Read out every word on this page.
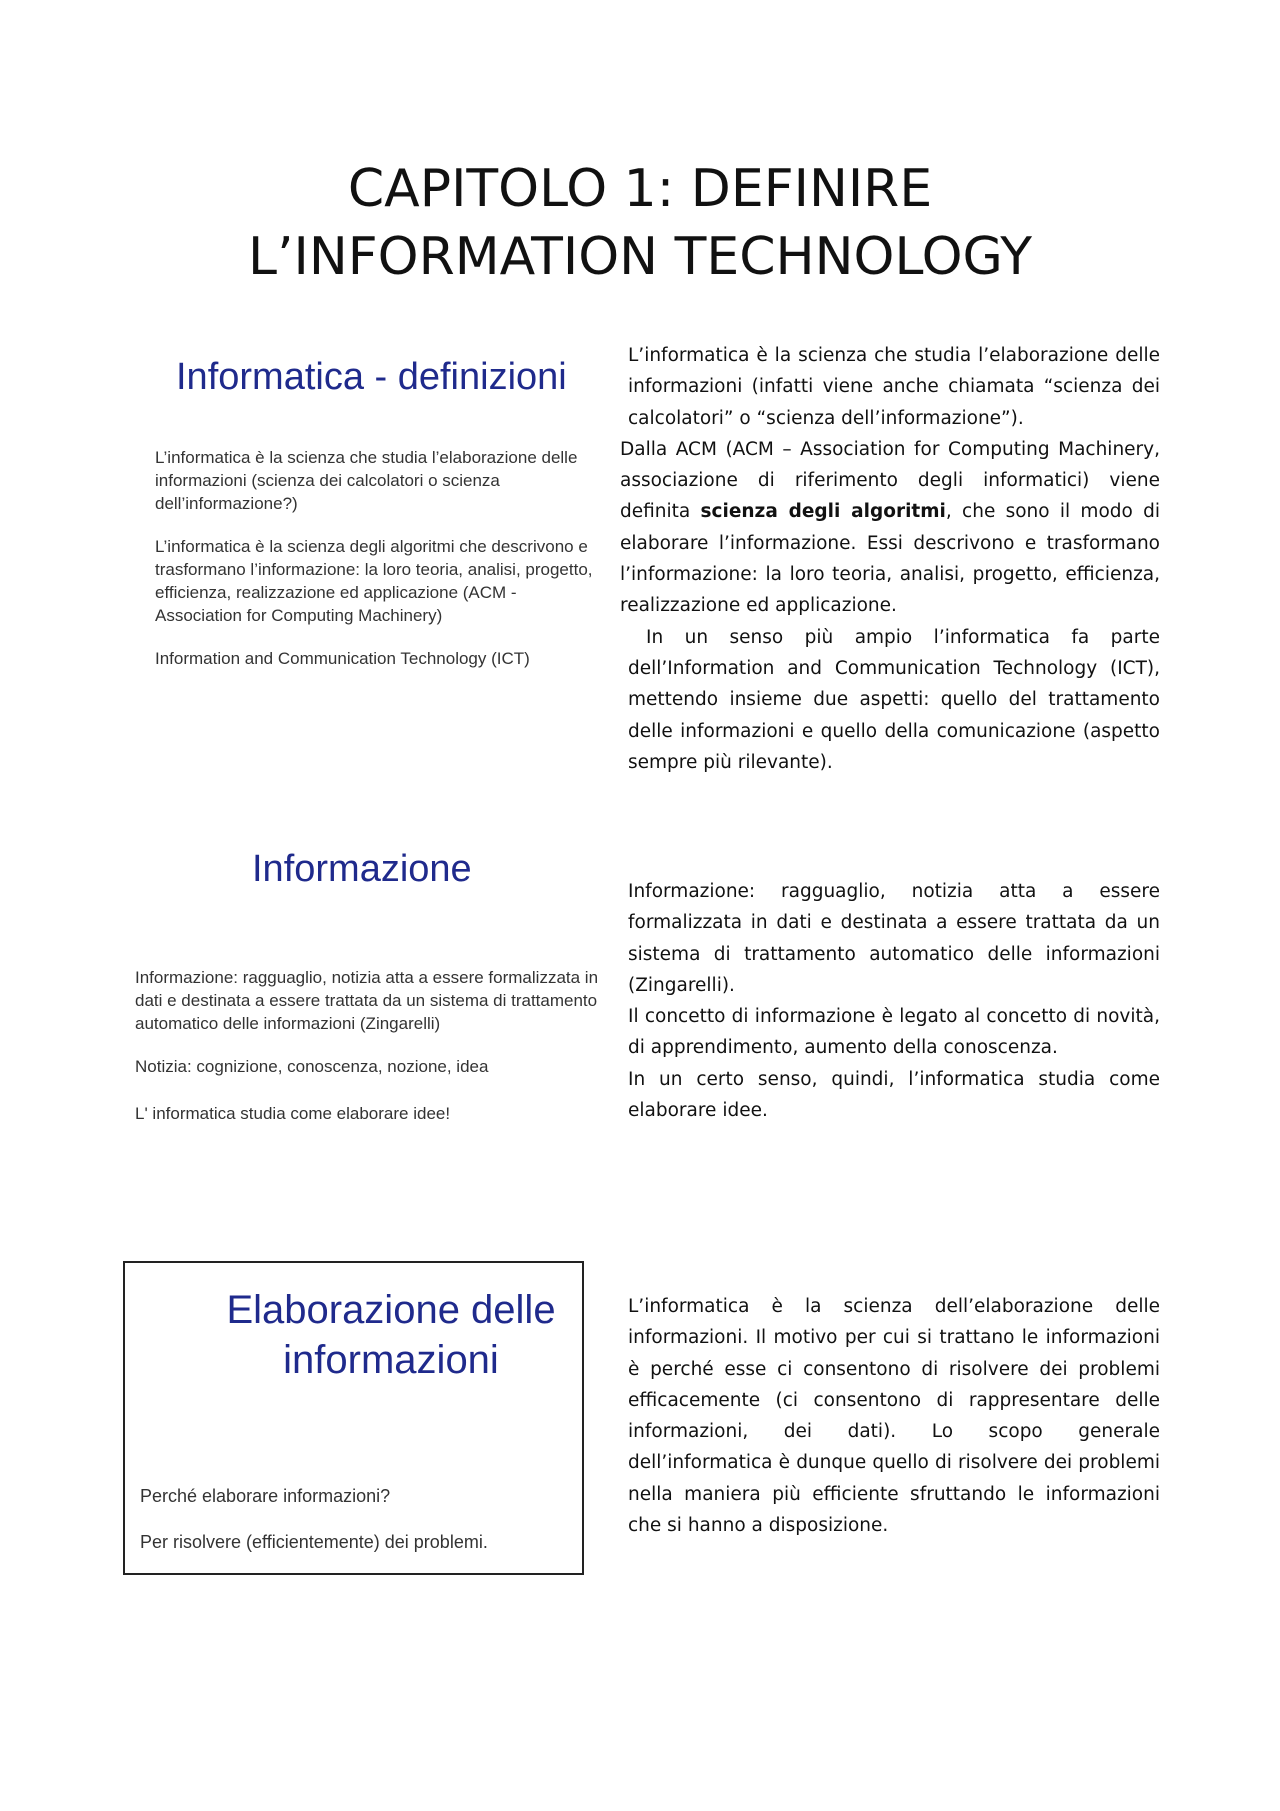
CAPITOLO 1: DEFINIRE
L’INFORMATION TECHNOLOGY
Informatica - definizioni

L’informatica è la scienza che studia l’elaborazione delle informazioni (scienza dei calcolatori o scienza dell’informazione?)

L’informatica è la scienza degli algoritmi che descrivono e trasformano l’informazione: la loro teoria, analisi, progetto, efficienza, realizzazione ed applicazione (ACM - Association for Computing Machinery)

Information and Communication Technology (ICT)

L’informatica è la scienza che studia l’elaborazione delle informazioni (infatti viene anche chiamata “scienza dei calcolatori” o “scienza dell’informazione”).

Dalla ACM (ACM – Association for Computing Machinery, associazione di riferimento degli informatici) viene definita scienza degli algoritmi, che sono il modo di elaborare l’informazione. Essi descrivono e trasformano l’informazione: la loro teoria, analisi, progetto, efficienza, realizzazione ed applicazione.

In un senso più ampio l’informatica fa parte dell’Information and Communication Technology (ICT), mettendo insieme due aspetti: quello del trattamento delle informazioni e quello della comunicazione (aspetto sempre più rilevante).

Informazione

Informazione: ragguaglio, notizia atta a essere formalizzata in dati e destinata a essere trattata da un sistema di trattamento automatico delle informazioni (Zingarelli)

Notizia: cognizione, conoscenza, nozione, idea

L' informatica studia come elaborare idee!

Informazione: ragguaglio, notizia atta a essere formalizzata in dati e destinata a essere trattata da un sistema di trattamento automatico delle informazioni (Zingarelli).

Il concetto di informazione è legato al concetto di novità, di apprendimento, aumento della conoscenza.

In un certo senso, quindi, l’informatica studia come elaborare idee.

Elaborazione delle
informazioni

Perché elaborare informazioni?

Per risolvere (efficientemente) dei problemi.

L’informatica è la scienza dell’elaborazione delle informazioni. Il motivo per cui si trattano le informazioni è perché esse ci consentono di risolvere dei problemi efficacemente (ci consentono di rappresentare delle informazioni, dei dati). Lo scopo generale dell’informatica è dunque quello di risolvere dei problemi nella maniera più efficiente sfruttando le informazioni che si hanno a disposizione.
